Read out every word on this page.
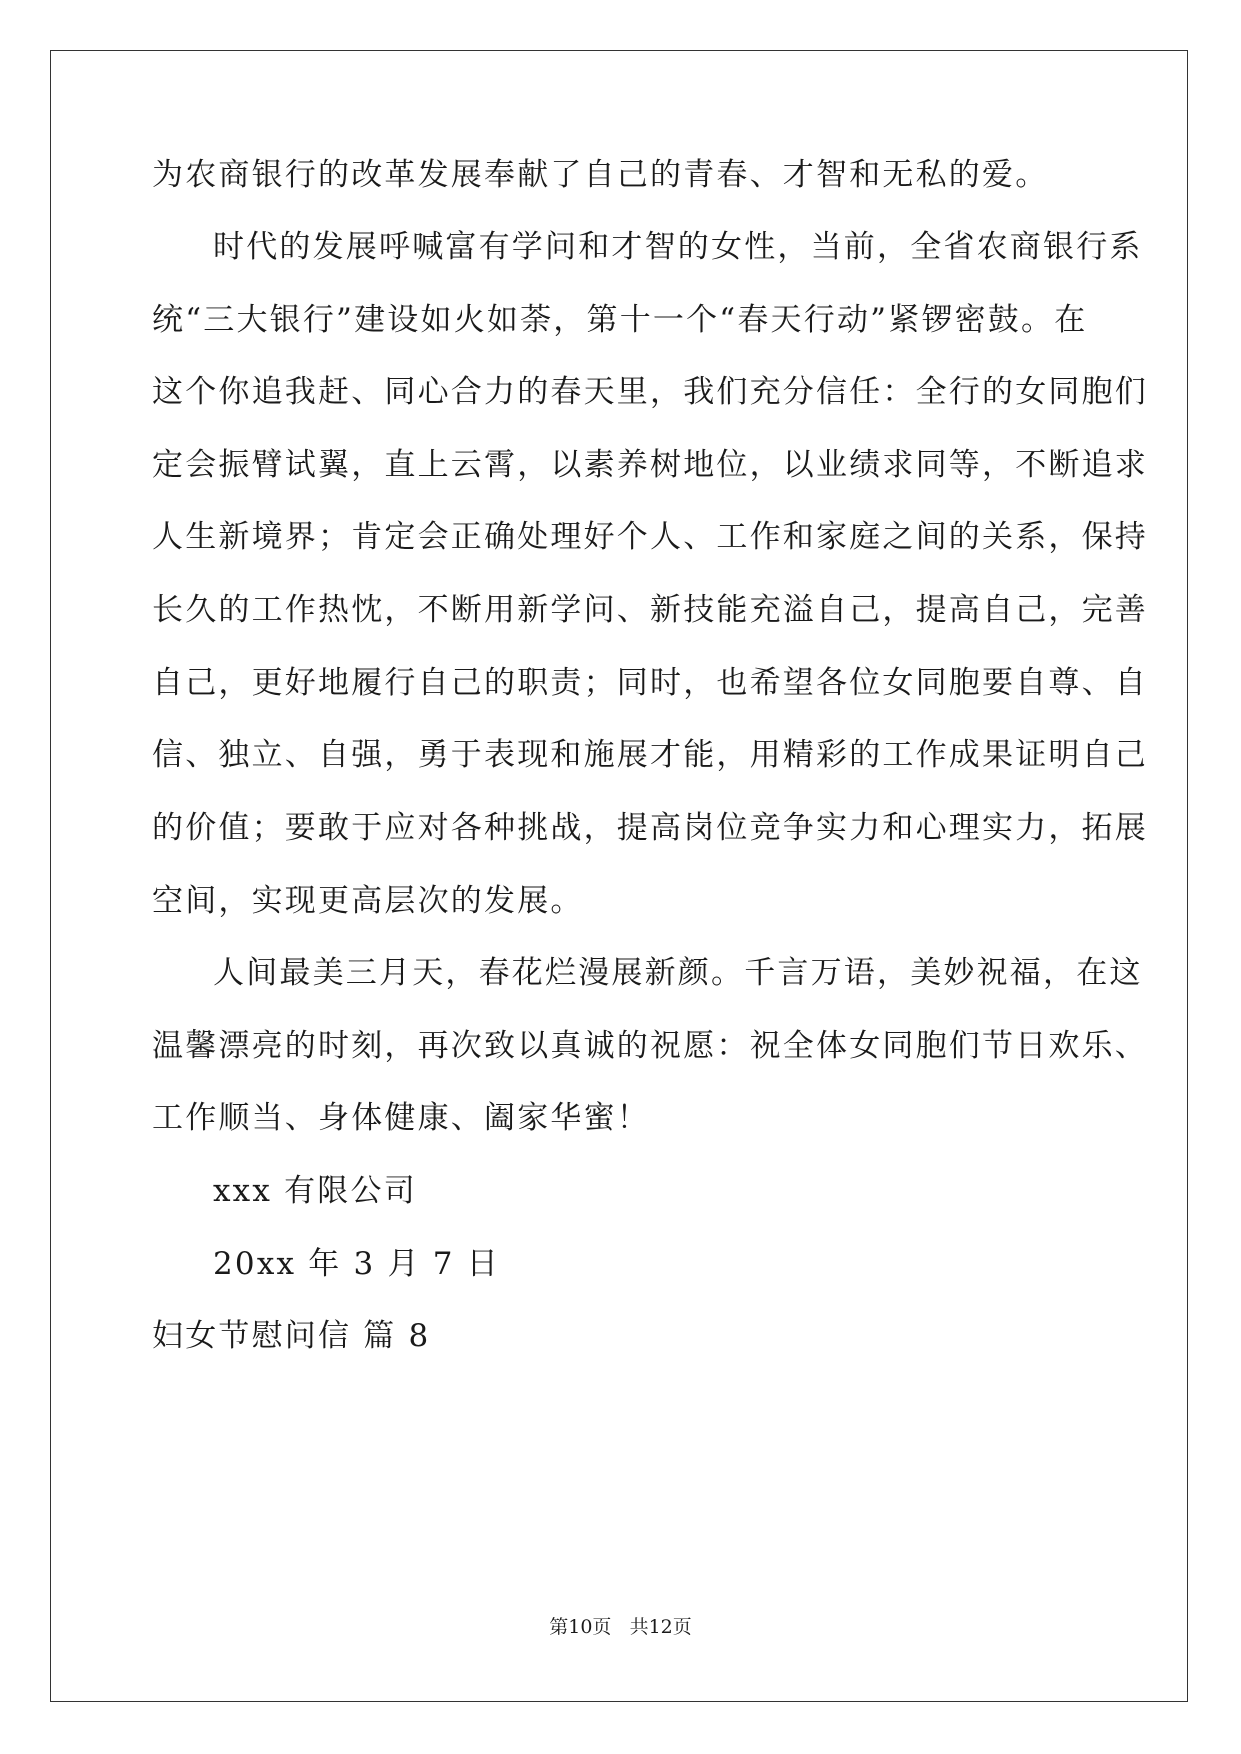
为农商银行的改革发展奉献了自己的青春、才智和无私的爱。
时代的发展呼喊富有学问和才智的女性，当前，全省农商银行系
统“三大银行”建设如火如荼，第十一个“春天行动”紧锣密鼓。在
这个你追我赶、同心合力的春天里，我们充分信任：全行的女同胞们
定会振臂试翼，直上云霄，以素养树地位，以业绩求同等，不断追求
人生新境界；肯定会正确处理好个人、工作和家庭之间的关系，保持
长久的工作热忱，不断用新学问、新技能充溢自己，提高自己，完善
自己，更好地履行自己的职责；同时，也希望各位女同胞要自尊、自
信、独立、自强，勇于表现和施展才能，用精彩的工作成果证明自己
的价值；要敢于应对各种挑战，提高岗位竞争实力和心理实力，拓展
空间，实现更高层次的发展。
人间最美三月天，春花烂漫展新颜。千言万语，美妙祝福，在这
温馨漂亮的时刻，再次致以真诚的祝愿：祝全体女同胞们节日欢乐、
工作顺当、身体健康、阖家华蜜！
xxx 有限公司
20xx 年 3 月 7 日
妇女节慰问信 篇 8
第10页 共12页
